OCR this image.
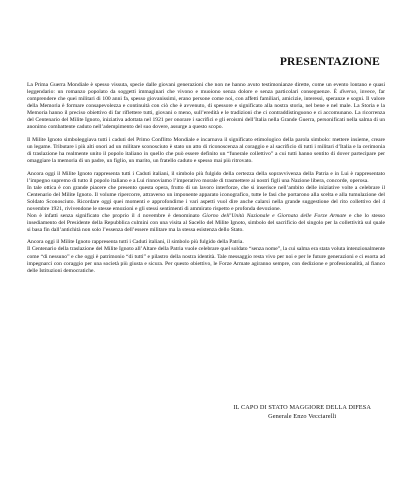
PRESENTAZIONE

La Prima Guerra Mondiale è spesso vissuta, specie dalle giovani generazioni che non ne hanno avuto testimonianze dirette, come un evento lontano e quasi leggendario: un romanzo popolato da soggetti immaginari che vivono e muoiono senza dolore e senza particolari conseguenze. È diverso, invece, far comprendere che quei militari di 100 anni fa, spesso giovanissimi, erano persone come noi, con affetti familiari, amicizie, interessi, speranze e sogni. Il valore della Memoria è formare consapevolezza e continuità con ciò che è avvenuto, di spessore e significato alla nostra storia, nel bene e nel male. La Storia e la Memoria hanno il preciso obiettivo di far riflettere tutti, giovani o meno, sull’eredità e le tradizioni che ci contraddistinguono e ci accomunano. La ricorrenza del Centenario del Milite Ignoto, iniziativa adottata nel 1921 per onorare i sacrifici e gli eroismi dell’Italia nella Grande Guerra, personificati nella salma di un anonimo combattente caduto nell’adempimento del suo dovere, assurge a questo scopo.

Il Milite Ignoto simboleggiava tutti i caduti del Primo Conflitto Mondiale e incarnava il significato etimologico della parola simbolo: mettere insieme, creare un legame. Tributare i più alti onori ad un militare sconosciuto è stato un atto di riconoscenza al coraggio e al sacrificio di tutti i militari d’Italia e la cerimonia di traslazione ha realmente unito il popolo italiano in quello che può essere definito un “funerale collettivo” a cui tutti hanno sentito di dover partecipare per omaggiare la memoria di un padre, un figlio, un marito, un fratello caduto e spesso mai più ritrovato.

Ancora oggi il Milite Ignoto rappresenta tutti i Caduti italiani, il simbolo più fulgido della certezza della sopravvivenza della Patria e in Lui è rappresentato l’impegno supremo di tutto il popolo italiano e a Lui rinnoviamo l’imperativo morale di trasmettere ai nostri figli una Nazione libera, concorde, operosa.
In tale ottica è con grande piacere che presento questa opera, frutto di un lavoro interforze, che si inserisce nell’ambito delle iniziative volte a celebrare il Centenario del Milite Ignoto. Il volume ripercorre, attraverso un imponente apparato iconografico, tutte le fasi che portarono alla scelta e alla tumulazione del Soldato Sconosciuto. Ricordare oggi quei momenti e approfondirne i vari aspetti vuol dire anche calarsi nella grande suggestione del rito collettivo del 4 novembre 1921, rivivendone le stesse emozioni e gli stessi sentimenti di ammirato rispetto e profonda devozione.
Non è infatti senza significato che proprio il 4 novembre è denominato Giorno dell’Unità Nazionale e Giornata delle Forze Armate e che lo stesso insediamento del Presidente della Repubblica culmini con una visita al Sacello del Milite Ignoto, simbolo del sacrificio del singolo per la collettività sul quale si basa fin dall’antichità non solo l’essenza dell’essere militare ma la stessa esistenza dello Stato.

Ancora oggi il Milite Ignoto rappresenta tutti i Caduti italiani, il simbolo più fulgido della Patria.
Il Centenario della traslazione del Milite Ignoto all’Altare della Patria vuole celebrare quel soldato “senza nome”, la cui salma era stata voluta intenzionalmente come “di nessuno” e che oggi è patrimonio “di tutti” e pilastro della nostra identità. Tale messaggio resta vivo per noi e per le future generazioni e ci esorta ad impegnarci con coraggio per una società più giusta e sicura. Per questo obiettivo, le Forze Armate agiranno sempre, con dedizione e professionalità, al fianco delle Istituzioni democratiche.

IL CAPO DI STATO MAGGIORE DELLA DIFESA
Generale Enzo Vecciarelli
